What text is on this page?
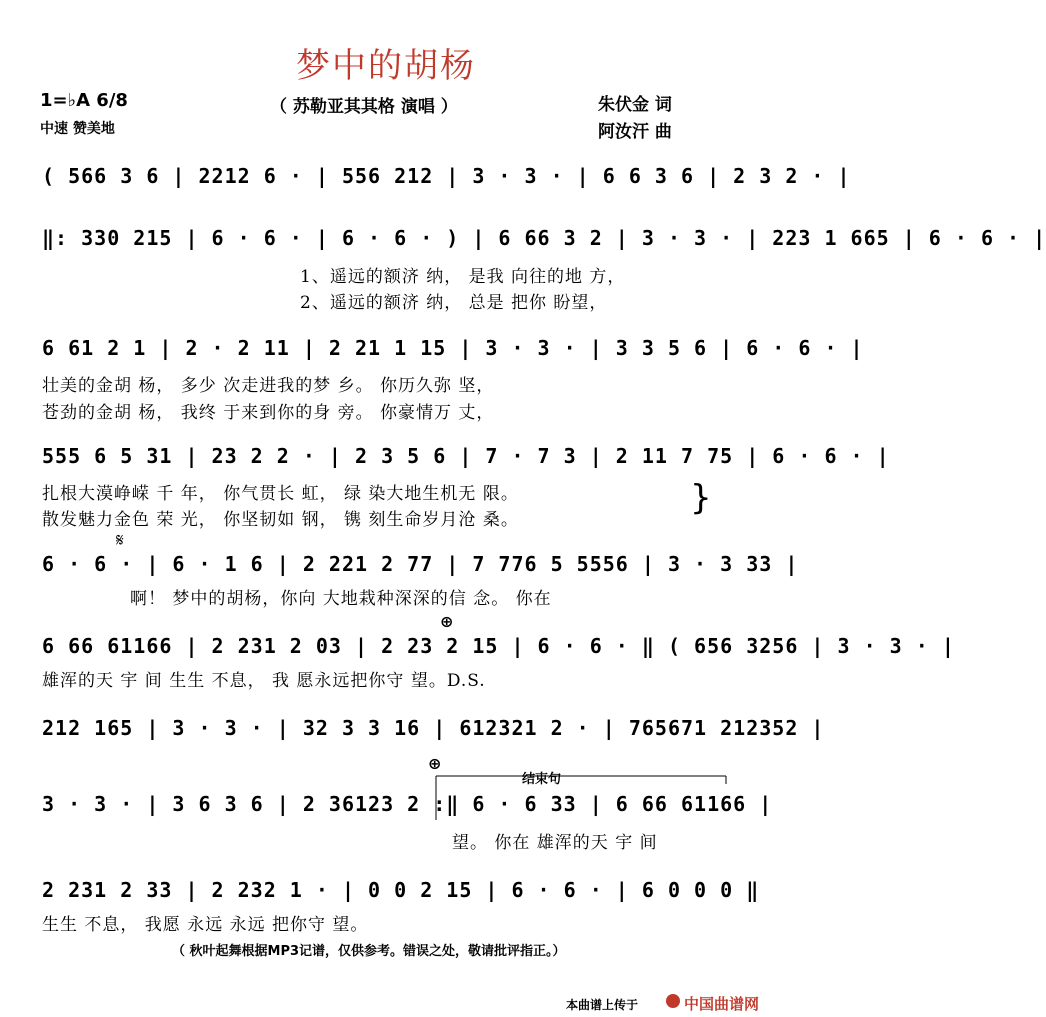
梦中的胡杨
1=♭A 6/8	（ 苏勒亚其其格 演唱 ）
中速 赞美地
朱伏金 词
阿汝汗 曲
( 566 3 6 | 2212 6 · | 556 212 | 3 · 3 · | 6 6 3 6 | 2 3 2 · |
‖: 330 215 | 6 · 6 · | 6 · 6 · ) | 6 66 3 2 | 3 · 3 · | 223 1 665 | 6 · 6 · |
1、遥远的额济 纳， 是我 向往的地 方，
2、遥远的额济 纳， 总是 把你 盼望，
6 61 2 1 | 2 · 2 11 | 2 21 1 15 | 3 · 3 · | 3 3 5 6 | 6 · 6 · |
壮美的金胡 杨， 多少 次走进我的梦 乡。 你历久弥 坚，
苍劲的金胡 杨， 我终 于来到你的身 旁。 你豪情万 丈，
555 6 5 31 | 23 2 2 · | 2 3 5 6 | 7 · 7 3 | 2 11 7 75 | 6 · 6 · |
扎根大漠峥嵘 千 年， 你气贯长 虹， 绿 染大地生机无 限。
散发魅力金色 荣 光， 你坚韧如 钢， 镌 刻生命岁月沧 桑。
}
𝄋
6 · 6 · | 6 · 1 6 | 2 221 2 77 | 7 776 5 5556 | 3 · 3 33 |
啊！ 梦中的胡杨，你向 大地栽种深深的信 念。 你在
⊕
6 66 61166 | 2 231 2 03 | 2 23 2 15 | 6 · 6 · ‖ ( 656 3256 | 3 · 3 · |
雄浑的天 宇 间 生生 不息， 我 愿永远把你守 望。D.S.
212 165 | 3 · 3 · | 32 3 3 16 | 612321 2 · | 765671 212352 |
⊕
结束句
3 · 3 · | 3 6 3 6 | 2 36123 2 :‖ 6 · 6 33 | 6 66 61166 |
望。 你在 雄浑的天 宇 间
2 231 2 33 | 2 232 1 · | 0 0 2 15 | 6 · 6 · | 6 0 0 0 ‖
生生 不息， 我愿 永远 永远 把你守 望。
（ 秋叶起舞根据MP3记谱，仅供参考。错误之处，敬请批评指正。）
本曲谱上传于	中国曲谱网
